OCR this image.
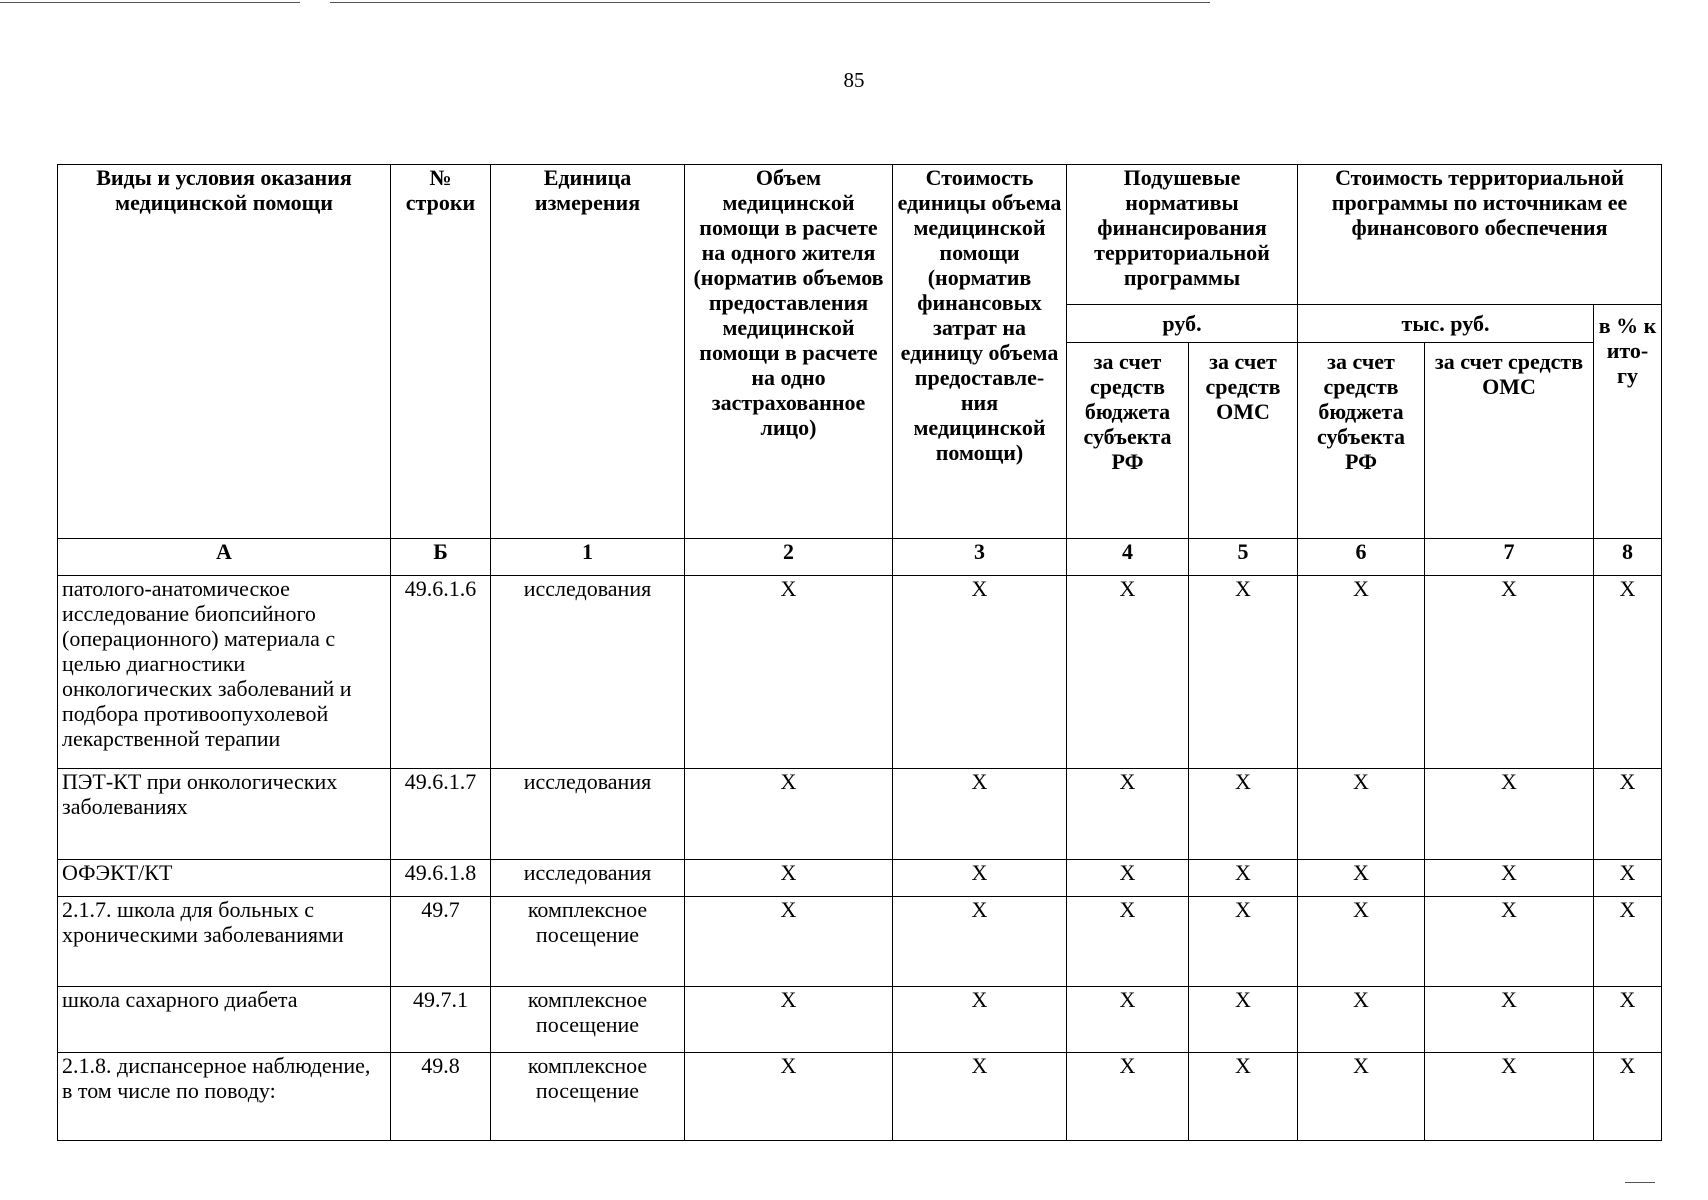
85
Виды и условия оказания медицинской помощи	№ строки	Единица измерения	Объем медицинской помощи в расчете на одного жителя (норматив объемов предоставления медицинской помощи в расчете на одно застрахованное лицо)	Стоимость единицы объема медицинской помощи (норматив финансовых затрат на единицу объема предоставле-ния медицинской помощи)	Подушевые нормативы финансирования территориальной программы		Стоимость территориальной программы по источникам ее финансового обеспечения		
					руб.		тыс. руб.		в % к ито-гу
					за счет средств бюджета субъекта РФ	за счет средств ОМС	за счет средств бюджета субъекта РФ	за счет средств ОМС	
А	Б	1	2	3	4	5	6	7	8
патолого-анатомическое исследование биопсийного (операционного) материала с целью диагностики онкологических заболеваний и подбора противоопухолевой лекарственной терапии	49.6.1.6	исследования	Х	Х	Х	Х	Х	Х	Х
ПЭТ-КТ при онкологических заболеваниях	49.6.1.7	исследования	Х	Х	Х	Х	Х	Х	Х
ОФЭКТ/КТ	49.6.1.8	исследования	Х	Х	Х	Х	Х	Х	Х
2.1.7. школа для больных с хроническими заболеваниями	49.7	комплексное посещение	Х	Х	Х	Х	Х	Х	Х
школа сахарного диабета	49.7.1	комплексное посещение	Х	Х	Х	Х	Х	Х	Х
2.1.8. диспансерное наблюдение, в том числе по поводу:	49.8	комплексное посещение	Х	Х	Х	Х	Х	Х	Х
